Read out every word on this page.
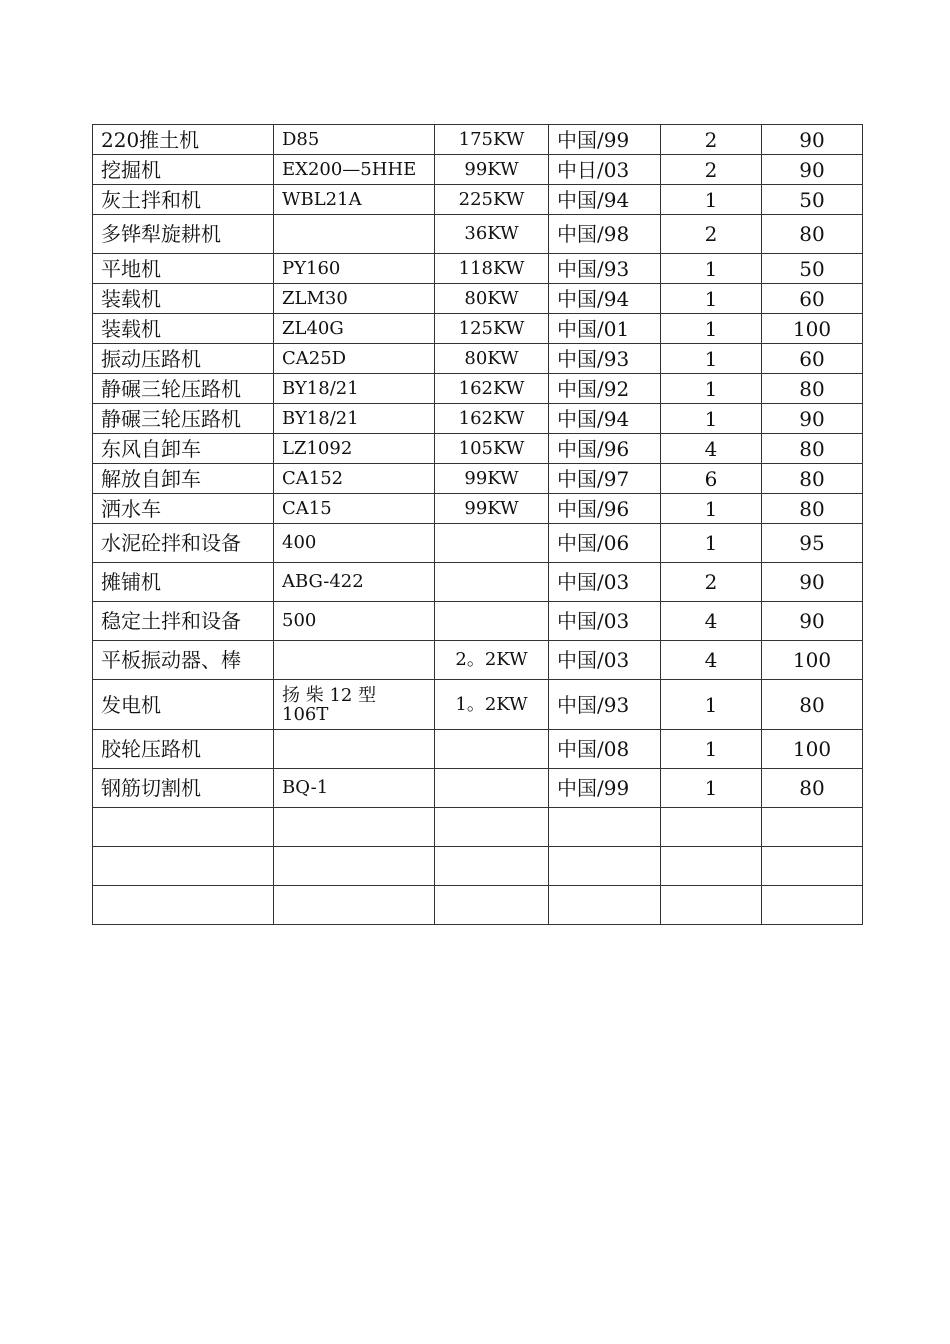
220推土机	D85	175KW	中国/99	2	90
挖掘机	EX200—5HHE	99KW	中日/03	2	90
灰土拌和机	WBL21A	225KW	中国/94	1	50
多铧犁旋耕机		36KW	中国/98	2	80
平地机	PY160	118KW	中国/93	1	50
装载机	ZLM30	80KW	中国/94	1	60
装载机	ZL40G	125KW	中国/01	1	100
振动压路机	CA25D	80KW	中国/93	1	60
静碾三轮压路机	BY18/21	162KW	中国/92	1	80
静碾三轮压路机	BY18/21	162KW	中国/94	1	90
东风自卸车	LZ1092	105KW	中国/96	4	80
解放自卸车	CA152	99KW	中国/97	6	80
洒水车	CA15	99KW	中国/96	1	80
水泥砼拌和设备	400		中国/06	1	95
摊铺机	ABG-422		中国/03	2	90
稳定土拌和设备	500		中国/03	4	90
平板振动器、棒		2。2KW	中国/03	4	100
发电机	扬 柴 12 型 106T	1。2KW	中国/93	1	80
胶轮压路机			中国/08	1	100
钢筋切割机	BQ-1		中国/99	1	80
